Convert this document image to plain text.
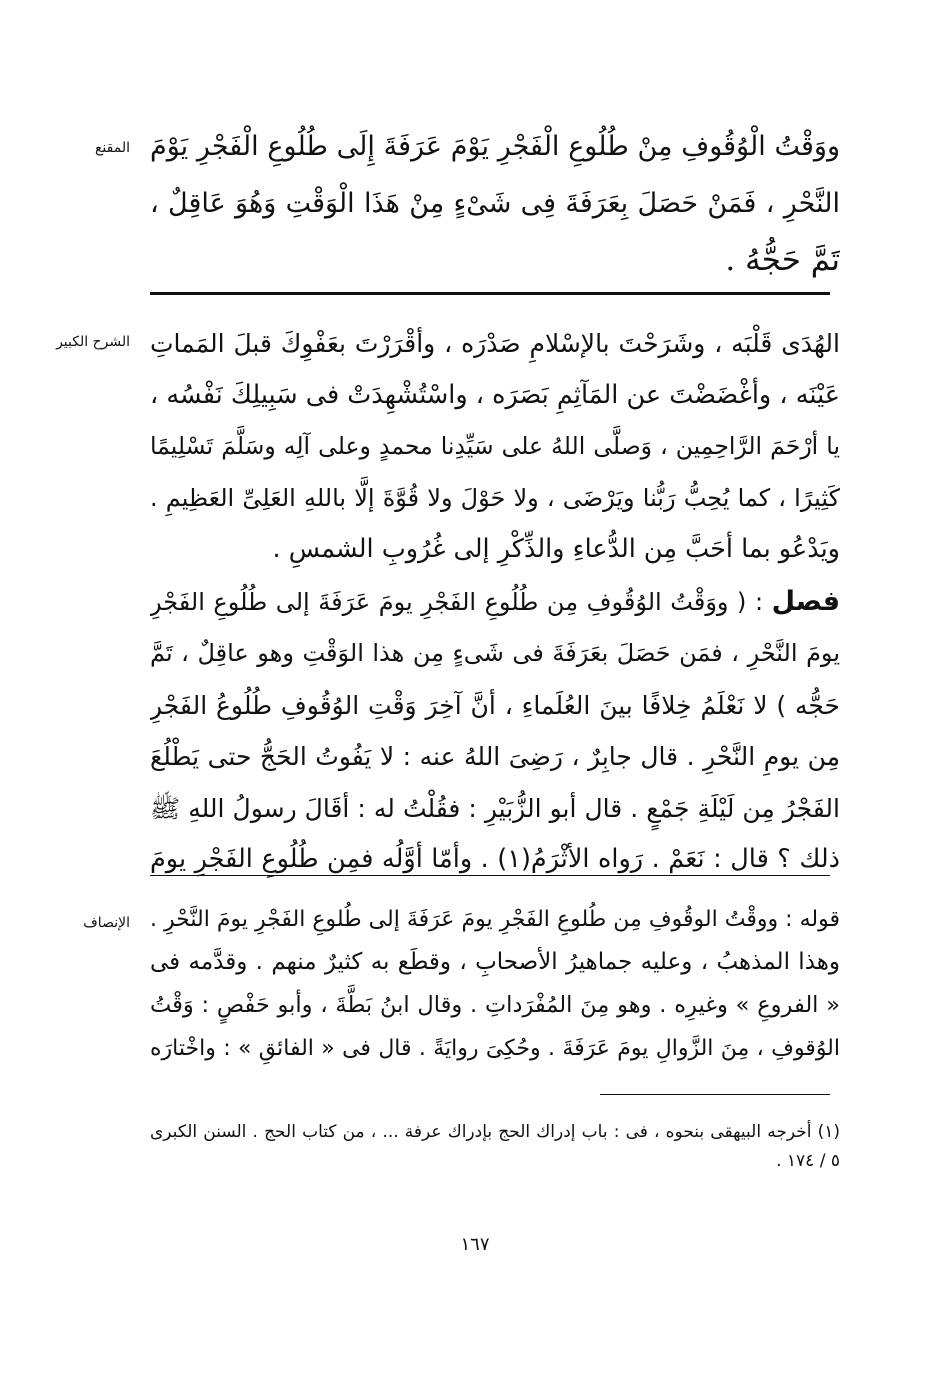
المقنع
الشرح الكبير
الإنصاف
ووَقْتُ الْوُقُوفِ مِنْ طُلُوعِ الْفَجْرِ يَوْمَ عَرَفَةَ إِلَى طُلُوعِ الْفَجْرِ يَوْمَ
النَّحْرِ ، فَمَنْ حَصَلَ بِعَرَفَةَ فِى شَىْءٍ مِنْ هَذَا الْوَقْتِ وَهُوَ عَاقِلٌ ،
تَمَّ حَجُّهُ .
الهُدَى قَلْبَه ، وشَرَحْتَ بالإسْلامِ صَدْرَه ، وأقْرَرْتَ بعَفْوِكَ قبلَ المَماتِ
عَيْنَه ، وأغْضَضْتَ عن المَآثِمِ بَصَرَه ، واسْتُشْهِدَتْ فى سَبِيلِكَ نَفْسُه ،
يا أرْحَمَ الرَّاحِمِين ، وَصلَّى اللهُ على سَيِّدِنا محمدٍ وعلى آلِه وسَلَّمَ تَسْلِيمًا
كَثِيرًا ، كما يُحِبُّ رَبُّنا ويَرْضَى ، ولا حَوْلَ ولا قُوَّةَ إلَّا باللهِ العَلِىِّ العَظِيمِ .
ويَدْعُو بما أحَبَّ مِن الدُّعاءِ والذِّكْرِ إلى غُرُوبِ الشمسِ .
فصل : ( ووَقْتُ الوُقُوفِ مِن طُلُوعِ الفَجْرِ يومَ عَرَفَةَ إلى طُلُوعِ الفَجْرِ
يومَ النَّحْرِ ، فمَن حَصَلَ بعَرَفَةَ فى شَىءٍ مِن هذا الوَقْتِ وهو عاقِلٌ ، تَمَّ
حَجُّه ) لا نَعْلَمُ خِلافًا بينَ العُلَماءِ ، أنَّ آخِرَ وَقْتِ الوُقُوفِ طُلُوعُ الفَجْرِ
مِن يومِ النَّحْرِ . قال جابِرٌ ، رَضِىَ اللهُ عنه : لا يَفُوتُ الحَجُّ حتى يَطْلُعَ
الفَجْرُ مِن لَيْلَةِ جَمْعٍ . قال أبو الزُّبَيْرِ : فقُلْتُ له : أقَالَ رسولُ اللهِ ﷺ
ذلك ؟ قال : نَعَمْ . رَواه الأثْرَمُ(١) . وأمّا أوَّلُه فمِن طُلُوعِ الفَجْرِ يومَ
قوله : ووقْتُ الوقُوفِ مِن طُلوعِ الفَجْرِ يومَ عَرَفَةَ إلى طُلوعِ الفَجْرِ يومَ النَّحْرِ .
وهذا المذهبُ ، وعليه جماهيرُ الأصحابِ ، وقطَع به كثيرٌ منهم . وقدَّمه فى
« الفروعِ » وغيرِه . وهو مِنَ المُفْرَداتِ . وقال ابنُ بَطَّةَ ، وأبو حَفْصٍ : وَقْتُ
الوُقوفِ ، مِنَ الزَّوالِ يومَ عَرَفَةَ . وحُكِىَ روايَةً . قال فى « الفائقِ » : واخْتارَه
(١) أخرجه البيهقى بنحوه ، فى : باب إدراك الحج بإدراك عرفة ... ، من كتاب الحج . السنن الكبرى
٥ / ١٧٤ .
١٦٧
